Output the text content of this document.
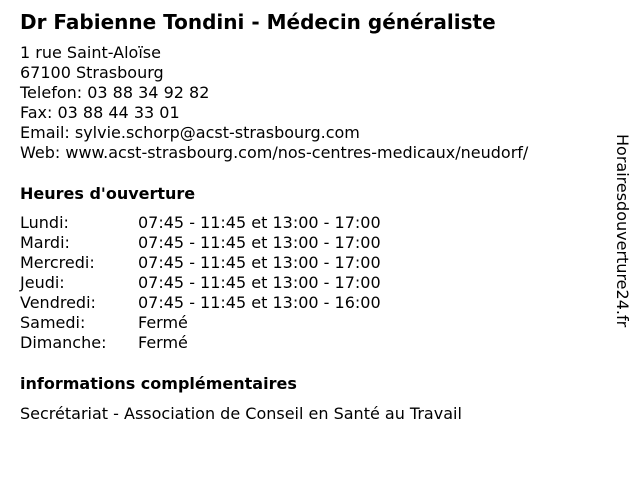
Dr Fabienne Tondini - Médecin généraliste
1 rue Saint-Aloïse
67100 Strasbourg
Telefon: 03 88 34 92 82
Fax: 03 88 44 33 01
Email: sylvie.schorp@acst-strasbourg.com
Web: www.acst-strasbourg.com/nos-centres-medicaux/neudorf/
Heures d'ouverture
Lundi:	07:45 - 11:45 et 13:00 - 17:00
Mardi:	07:45 - 11:45 et 13:00 - 17:00
Mercredi:	07:45 - 11:45 et 13:00 - 17:00
Jeudi:	07:45 - 11:45 et 13:00 - 17:00
Vendredi:	07:45 - 11:45 et 13:00 - 16:00
Samedi:	Fermé
Dimanche: Fermé
informations complémentaires
Secrétariat - Association de Conseil en Santé au Travail
Horairesdouverture24.fr
